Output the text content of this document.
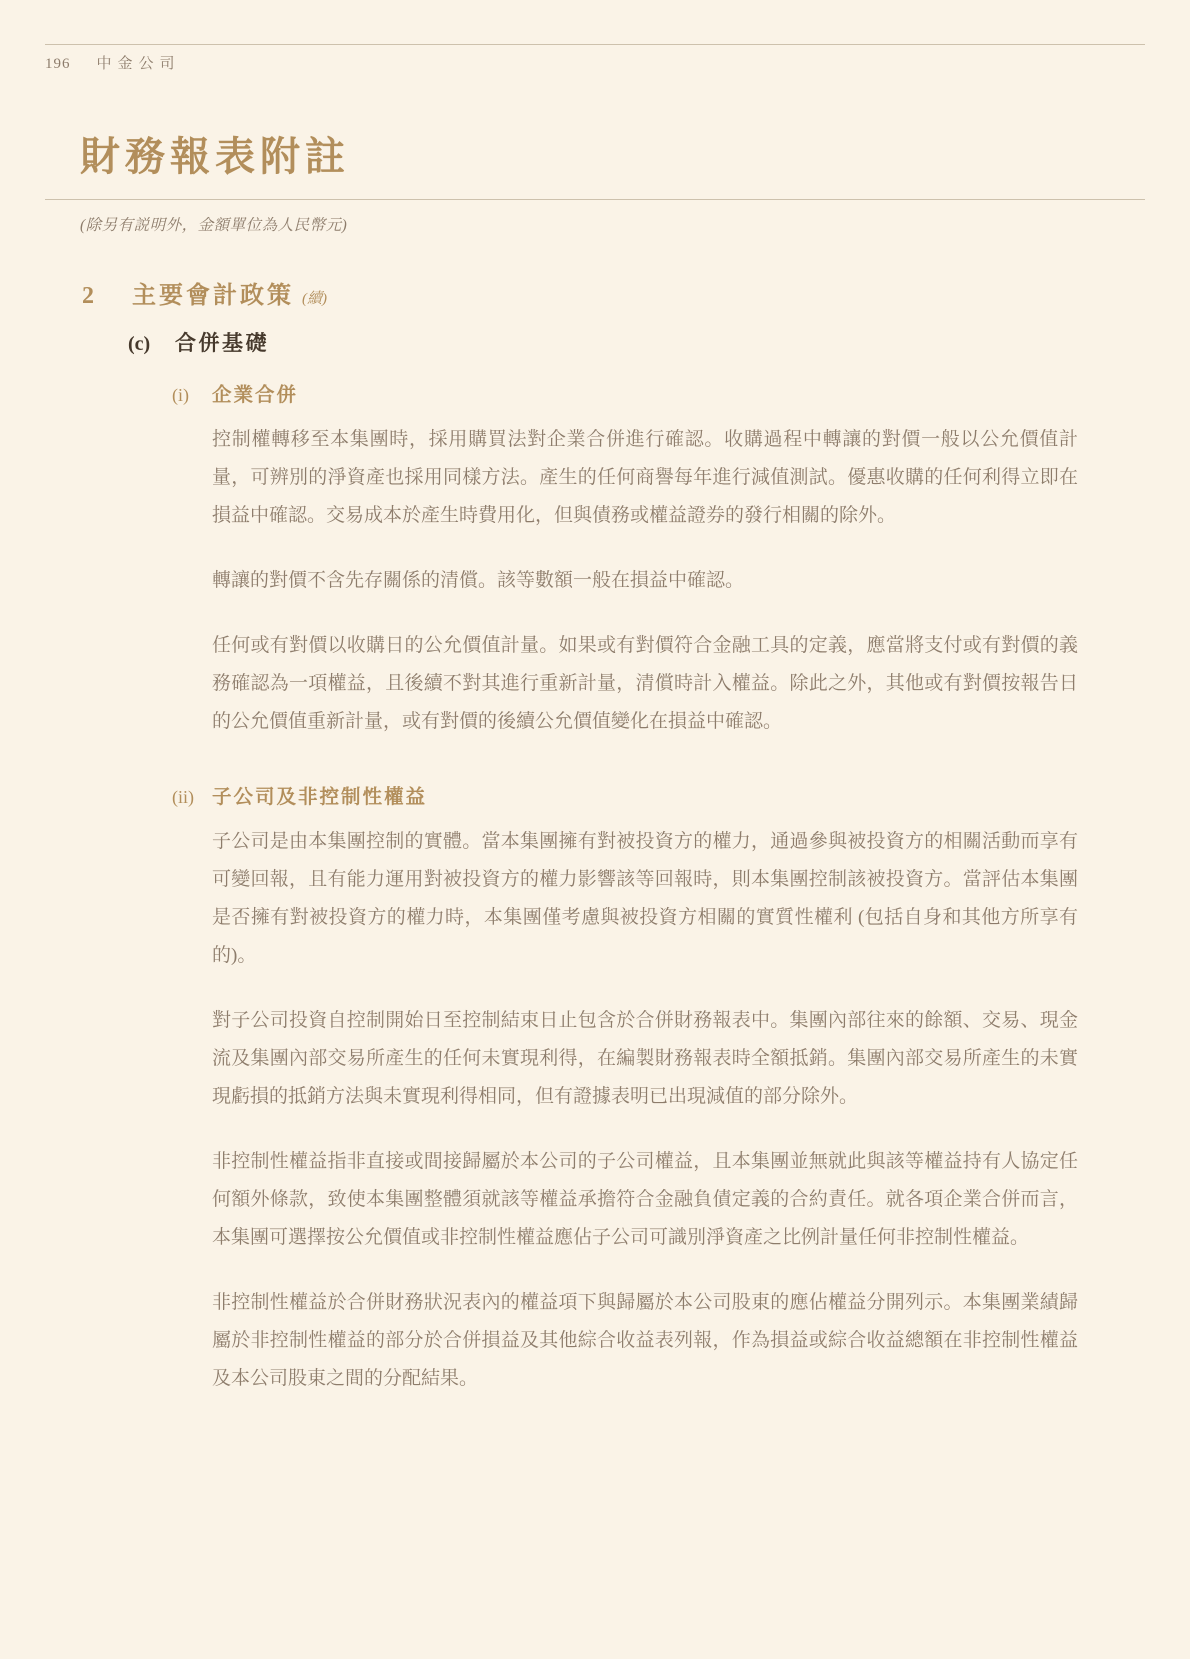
196 中金公司
財務報表附註
(除另有説明外，金額單位為人民幣元)
2	主要會計政策 (續)
(c)	合併基礎
(i)	企業合併

控制權轉移至本集團時，採用購買法對企業合併進行確認。收購過程中轉讓的對價一般以公允價值計量，可辨別的淨資產也採用同樣方法。產生的任何商譽每年進行減值測試。優惠收購的任何利得立即在損益中確認。交易成本於產生時費用化，但與債務或權益證券的發行相關的除外。

轉讓的對價不含先存關係的清償。該等數額一般在損益中確認。

任何或有對價以收購日的公允價值計量。如果或有對價符合金融工具的定義，應當將支付或有對價的義務確認為一項權益，且後續不對其進行重新計量，清償時計入權益。除此之外，其他或有對價按報告日的公允價值重新計量，或有對價的後續公允價值變化在損益中確認。

(ii) 子公司及非控制性權益

子公司是由本集團控制的實體。當本集團擁有對被投資方的權力，通過參與被投資方的相關活動而享有可變回報，且有能力運用對被投資方的權力影響該等回報時，則本集團控制該被投資方。當評估本集團是否擁有對被投資方的權力時，本集團僅考慮與被投資方相關的實質性權利 (包括自身和其他方所享有的)。

對子公司投資自控制開始日至控制結束日止包含於合併財務報表中。集團內部往來的餘額、交易、現金流及集團內部交易所產生的任何未實現利得，在編製財務報表時全額抵銷。集團內部交易所產生的未實現虧損的抵銷方法與未實現利得相同，但有證據表明已出現減值的部分除外。

非控制性權益指非直接或間接歸屬於本公司的子公司權益，且本集團並無就此與該等權益持有人協定任何額外條款，致使本集團整體須就該等權益承擔符合金融負債定義的合約責任。就各項企業合併而言，本集團可選擇按公允價值或非控制性權益應佔子公司可識別淨資產之比例計量任何非控制性權益。

非控制性權益於合併財務狀況表內的權益項下與歸屬於本公司股東的應佔權益分開列示。本集團業績歸屬於非控制性權益的部分於合併損益及其他綜合收益表列報，作為損益或綜合收益總額在非控制性權益及本公司股東之間的分配結果。
